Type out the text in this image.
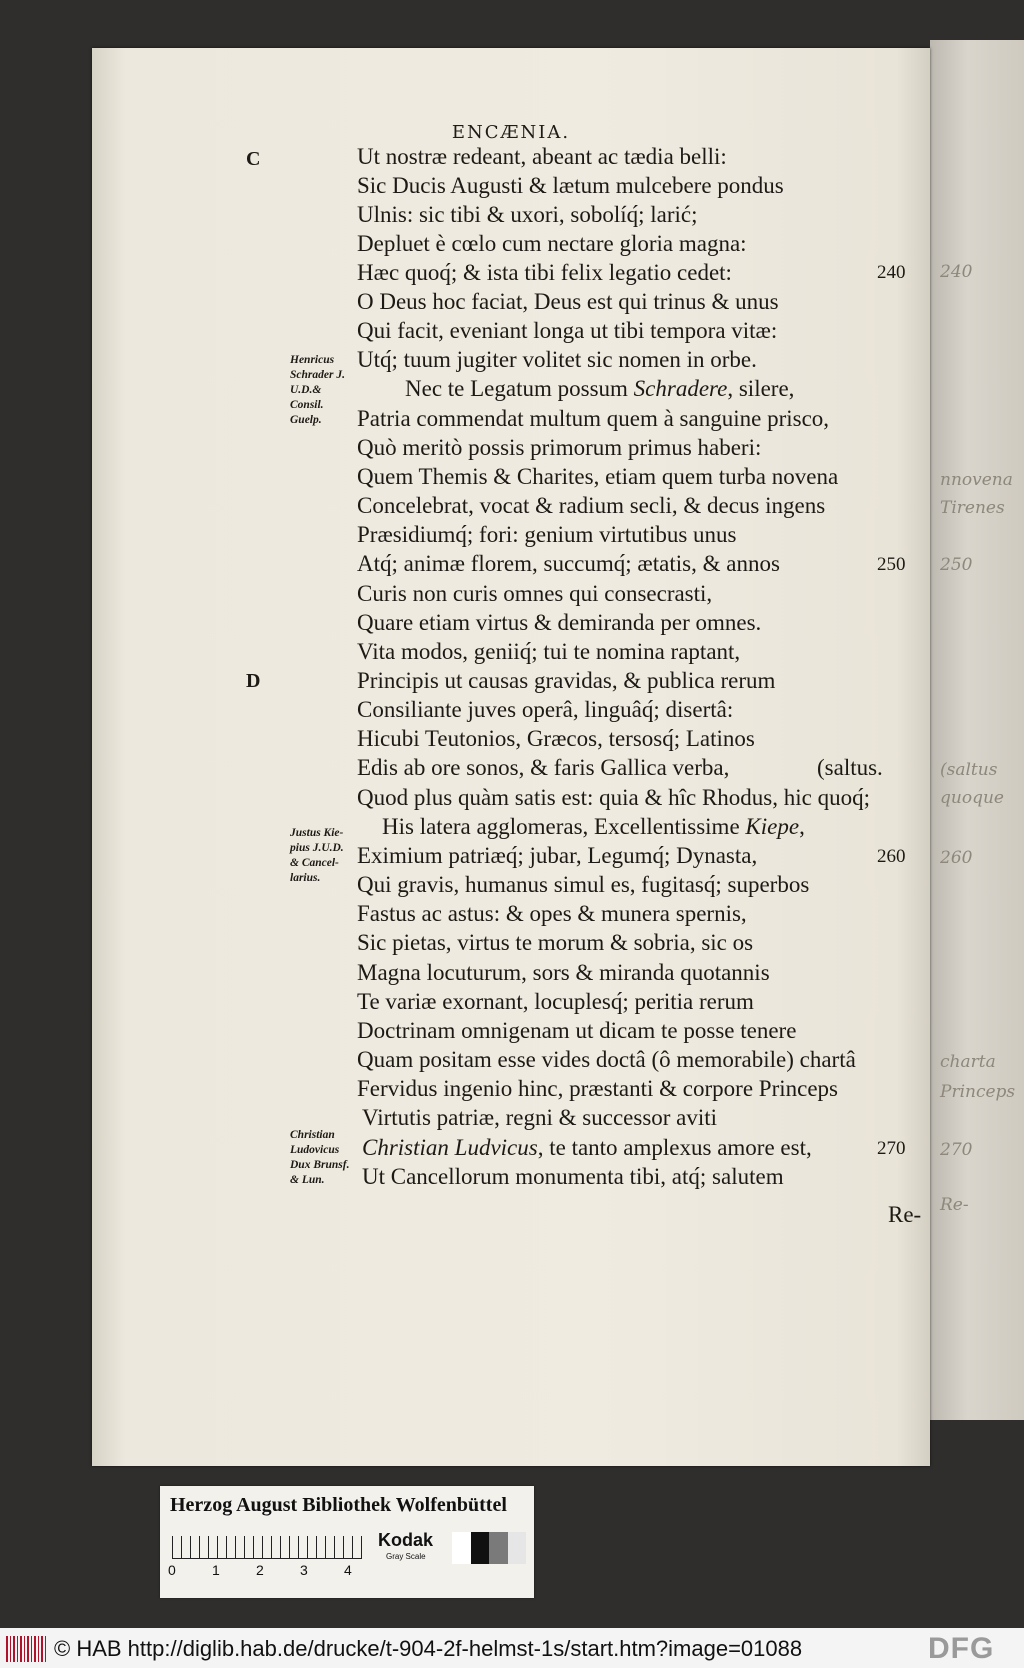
240
nnovena
Tirenes
250
(saltus
quoque
260
charta
Princeps
270
Re-
ENCÆNIA.
C
D
Henricus
Schrader J.
U.D.&
Consil.
Guelp.
Justus Kie-
pius J.U.D.
& Cancel-
larius.
Christian
Ludovicus
Dux Brunsf.
& Lun.
Ut nostræ redeant, abeant ac tædia belli:
Sic Ducis Augusti & lætum mulcebere pondus
Ulnis: sic tibi & uxori, sobolíq́; larić;
Depluet è cœlo cum nectare gloria magna:
Hæc quoq́; & ista tibi felix legatio cedet:
O Deus hoc faciat, Deus est qui trinus & unus
Qui facit, eveniant longa ut tibi tempora vitæ:
Utq́; tuum jugiter volitet sic nomen in orbe.
Nec te Legatum possum Schradere, silere,
Patria commendat multum quem à sanguine prisco,
Quò meritò possis primorum primus haberi:
Quem Themis & Charites, etiam quem turba novena
Concelebrat, vocat & radium secli, & decus ingens
Præsidiumq́; fori: genium virtutibus unus
Atq́; animæ florem, succumq́; ætatis, & annos
Curis non curis omnes qui consecrasti,
Quare etiam virtus & demiranda per omnes.
Vita modos, geniiq́; tui te nomina raptant,
Principis ut causas gravidas, & publica rerum
Consiliante juves operâ, linguâq́; disertâ:
Hicubi Teutonios, Græcos, tersosq́; Latinos
Edis ab ore sonos, & faris Gallica verba,	(saltus.
Quod plus quàm satis est: quia & hîc Rhodus, hic quoq́;
His latera agglomeras, Excellentissime Kiepe,
Eximium patriæq́; jubar, Legumq́; Dynasta,
Qui gravis, humanus simul es, fugitasq́; superbos
Fastus ac astus: & opes & munera spernis,
Sic pietas, virtus te morum & sobria, sic os
Magna locuturum, sors & miranda quotannis
Te variæ exornant, locuplesq́; peritia rerum
Doctrinam omnigenam ut dicam te posse tenere
Quam positam esse vides doctâ (ô memorabile) chartâ
Fervidus ingenio hinc, præstanti & corpore Princeps
Virtutis patriæ, regni & successor aviti
Christian Ludvicus, te tanto amplexus amore est,
Ut Cancellorum monumenta tibi, atq́; salutem
240
250
260
270
Re-
Herzog August Bibliothek Wolfenbüttel
0	1	2	3	4
Kodak
Gray Scale
© HAB http://diglib.hab.de/drucke/t-904-2f-helmst-1s/start.htm?image=01088	DFG
